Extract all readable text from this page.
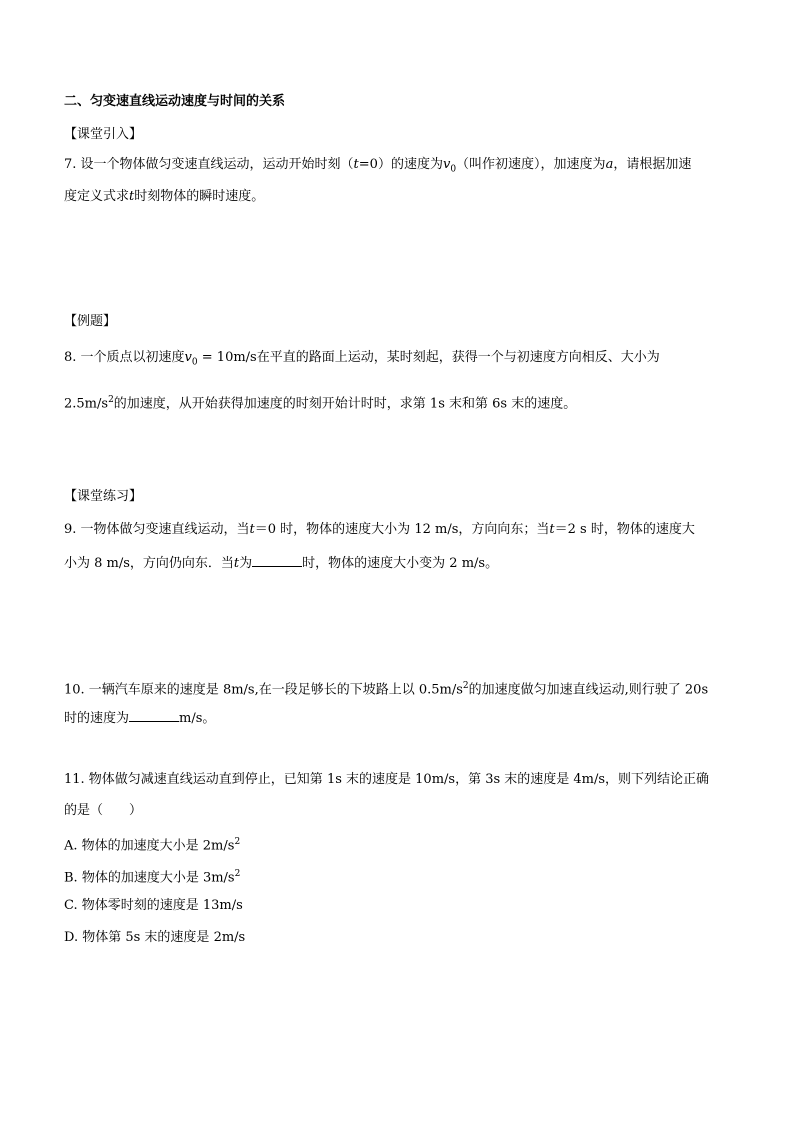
二、匀变速直线运动速度与时间的关系
【课堂引入】
7. 设一个物体做匀变速直线运动，运动开始时刻（t=0）的速度为$v_0$（叫作初速度），加速度为a，请根据加速
度定义式求t时刻物体的瞬时速度。
【例题】
8. 一个质点以初速度$v_0 = 10m/s$在平直的路面上运动，某时刻起，获得一个与初速度方向相反、大小为
$2.5m/s^2$的加速度，从开始获得加速度的时刻开始计时时，求第 1s 末和第 6s 末的速度。
【课堂练习】
9. 一物体做匀变速直线运动，当t＝0 时，物体的速度大小为 12 m/s，方向向东；当t＝2 s 时，物体的速度大
小为 8 m/s，方向仍向东．当t为	时，物体的速度大小变为 2 m/s。
10. 一辆汽车原来的速度是 8m/s,在一段足够长的下坡路上以 $0.5m/s^2$的加速度做匀加速直线运动,则行驶了 20s
时的速度为	m/s。
11. 物体做匀减速直线运动直到停止，已知第 1s 末的速度是 10m/s，第 3s 末的速度是 4m/s，则下列结论正确
的是（　　）
A. 物体的加速度大小是 $2m/s^2$
B. 物体的加速度大小是 $3m/s^2$
C. 物体零时刻的速度是 13m/s
D. 物体第 5s 末的速度是 2m/s
